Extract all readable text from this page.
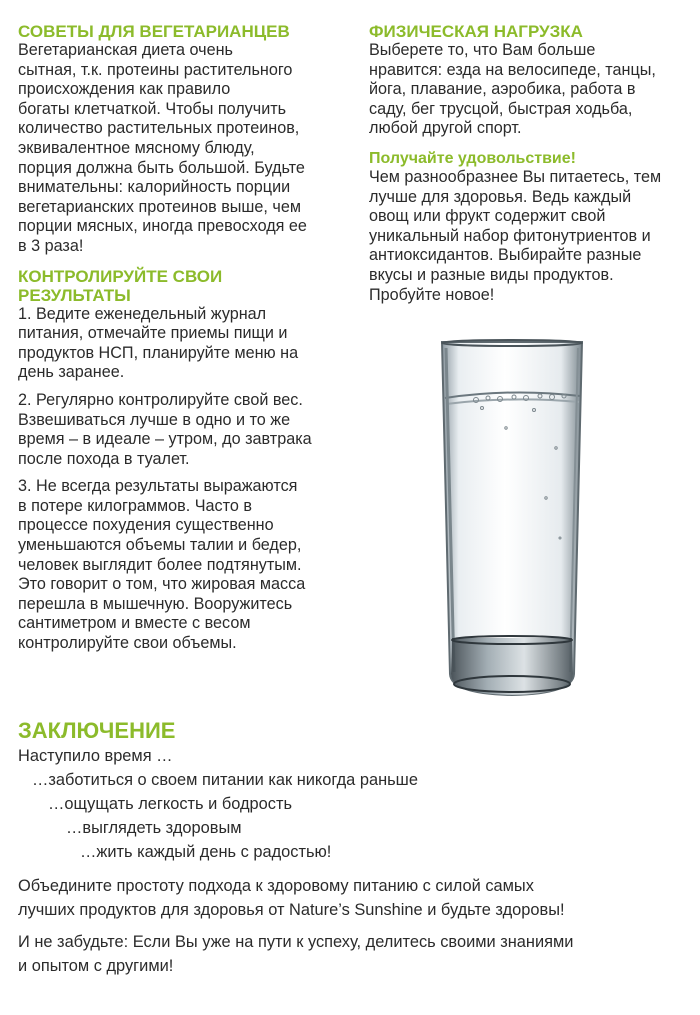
СОВЕТЫ ДЛЯ ВЕГЕТАРИАНЦЕВ

Вегетарианская диета очень

сытная, т.к. протеины растительного

происхождения как правило

богаты клетчаткой. Чтобы получить

количество растительных протеинов,

эквивалентное мясному блюду,

порция должна быть большой. Будьте

внимательны: калорийность порции

вегетарианских протеинов выше, чем

порции мясных, иногда превосходя ее

в 3 раза!

КОНТРОЛИРУЙТЕ СВОИ
РЕЗУЛЬТАТЫ

1. Ведите еженедельный журнал

питания, отмечайте приемы пищи и

продуктов НСП, планируйте меню на

день заранее.

2. Регулярно контролируйте свой вес.

Взвешиваться лучше в одно и то же

время – в идеале – утром, до завтрака

после похода в туалет.

3. Не всегда результаты выражаются

в потере килограммов. Часто в

процессе похудения существенно

уменьшаются объемы талии и бедер,

человек выглядит более подтянутым.

Это говорит о том, что жировая масса

перешла в мышечную. Вооружитесь

сантиметром и вместе с весом

контролируйте свои объемы.

ФИЗИЧЕСКАЯ НАГРУЗКА

Выберете то, что Вам больше

нравится: езда на велосипеде, танцы,

йога, плавание, аэробика, работа в

саду, бег трусцой, быстрая ходьба,

любой другой спорт.

Получайте удовольствие!

Чем разнообразнее Вы питаетесь, тем

лучше для здоровья. Ведь каждый

овощ или фрукт содержит свой

уникальный набор фитонутриентов и

антиоксидантов. Выбирайте разные

вкусы и разные виды продуктов.

Пробуйте новое!

ЗАКЛЮЧЕНИЕ

Наступило время …

…заботиться о своем питании как никогда раньше

…ощущать легкость и бодрость

…выглядеть здоровым

…жить каждый день с радостью!

Объедините простоту подхода к здоровому питанию с силой самых

лучших продуктов для здоровья от Nature’s Sunshine и будьте здоровы!

И не забудьте: Если Вы уже на пути к успеху, делитесь своими знаниями

и опытом с другими!
